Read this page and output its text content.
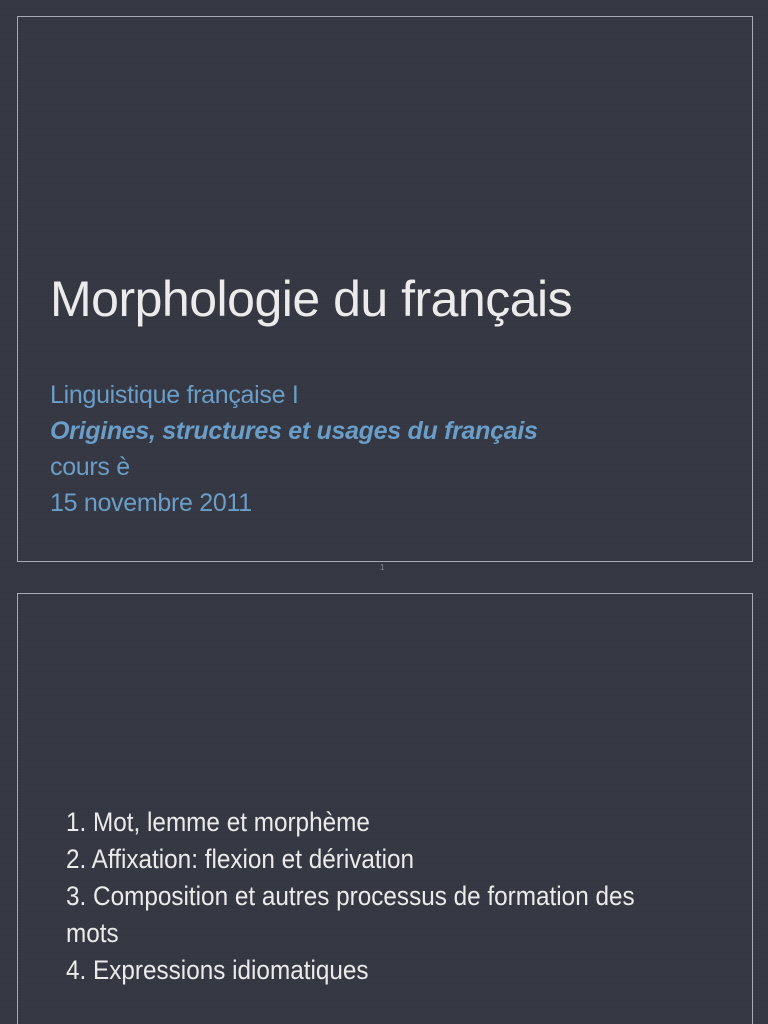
Morphologie du français
Linguistique française I
Origines, structures et usages du français
cours è
15 novembre 2011
1
1. Mot, lemme et morphème
2. Affixation: flexion et dérivation
3. Composition et autres processus de formation des mots
4. Expressions idiomatiques
